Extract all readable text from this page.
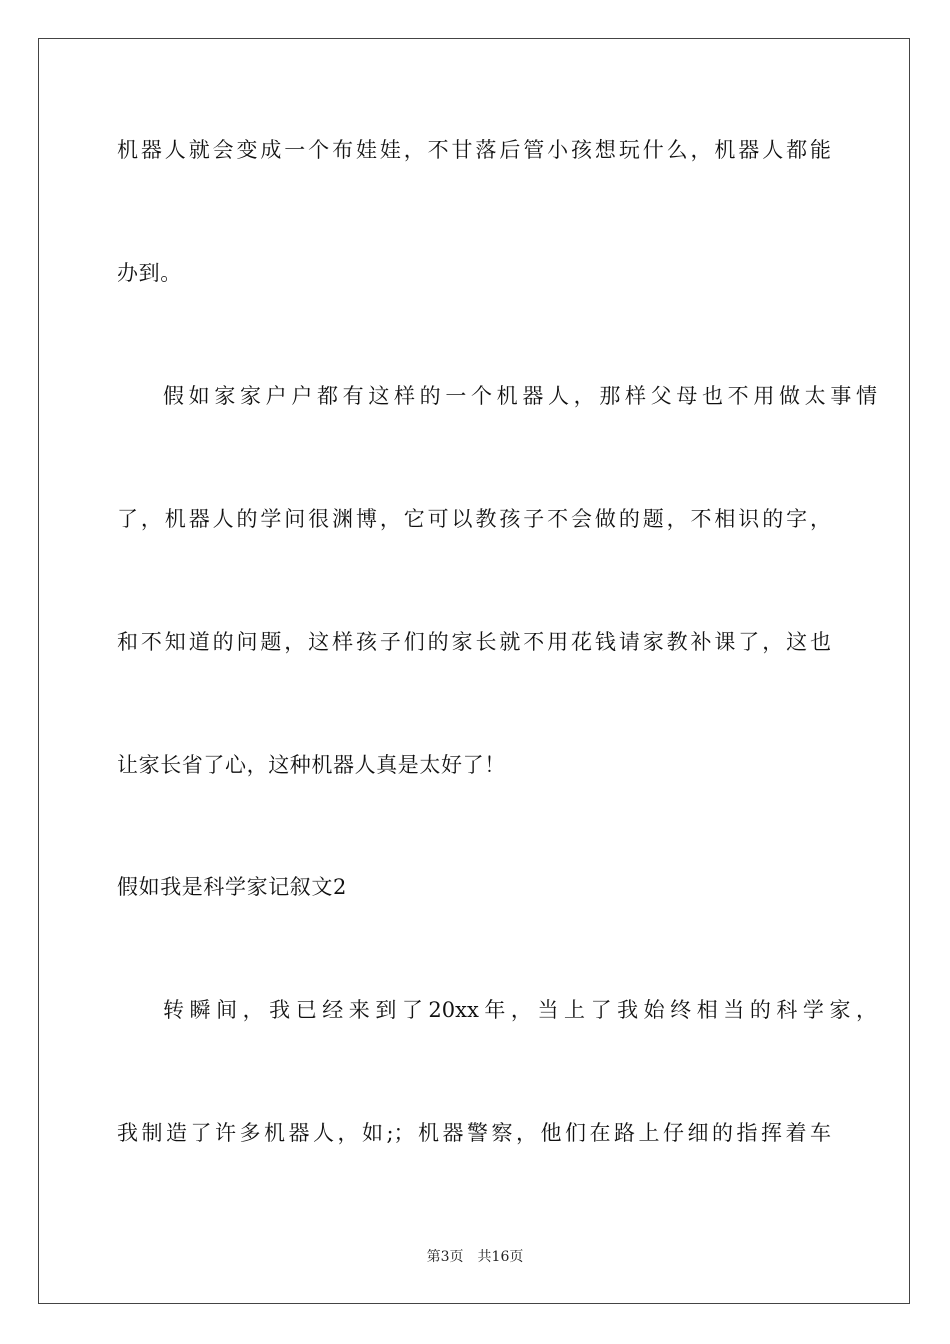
机器人就会变成一个布娃娃，不甘落后管小孩想玩什么，机器人都能
办到。
假如家家户户都有这样的一个机器人，那样父母也不用做太事情
了，机器人的学问很渊博，它可以教孩子不会做的题，不相识的字，
和不知道的问题，这样孩子们的家长就不用花钱请家教补课了，这也
让家长省了心，这种机器人真是太好了！
假如我是科学家记叙文2
转瞬间，我已经来到了20xx年，当上了我始终相当的科学家，
我制造了许多机器人，如;；机器警察，他们在路上仔细的指挥着车
第3页 共16页
